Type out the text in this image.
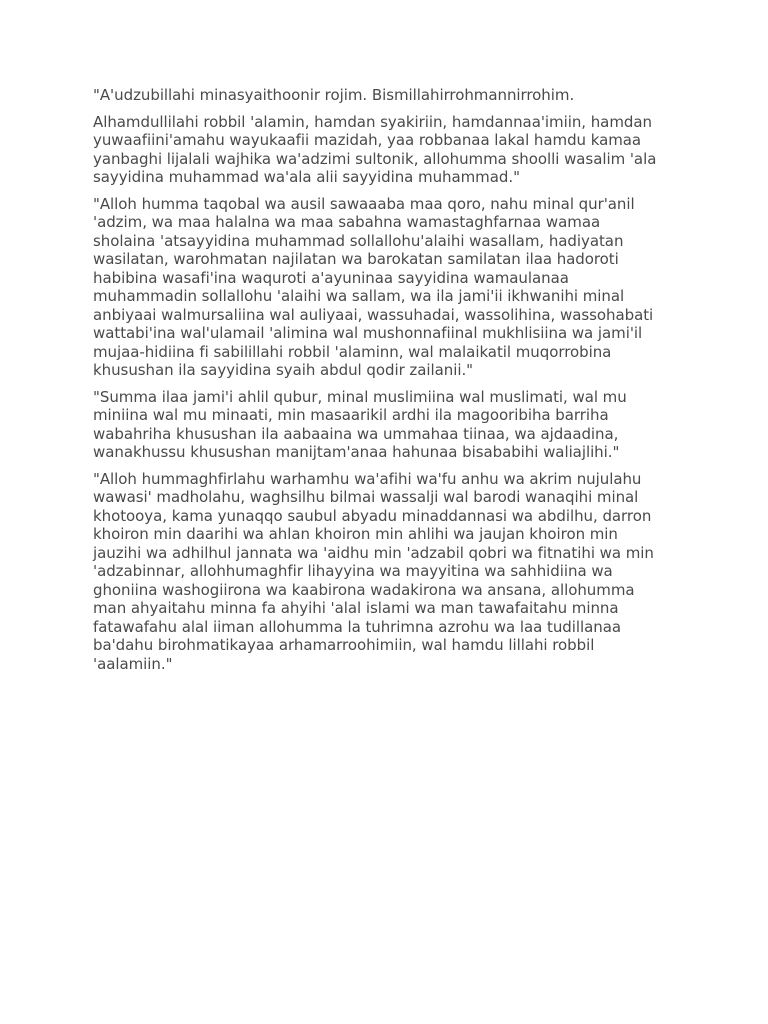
"A'udzubillahi minasyaithoonir rojim. Bismillahirrohmannirrohim.

Alhamdullilahi robbil 'alamin, hamdan syakiriin, hamdannaa'imiin, hamdan
yuwaafiini'amahu wayukaafii mazidah, yaa robbanaa lakal hamdu kamaa
yanbaghi lijalali wajhika wa'adzimi sultonik, allohumma shoolli wasalim 'ala
sayyidina muhammad wa'ala alii sayyidina muhammad."

"Alloh humma taqobal wa ausil sawaaaba maa qoro, nahu minal qur'anil
'adzim, wa maa halalna wa maa sabahna wamastaghfarnaa wamaa
sholaina 'atsayyidina muhammad sollallohu'alaihi wasallam, hadiyatan
wasilatan, warohmatan najilatan wa barokatan samilatan ilaa hadoroti
habibina wasafi'ina waquroti a'ayuninaa sayyidina wamaulanaa
muhammadin sollallohu 'alaihi wa sallam, wa ila jami'ii ikhwanihi minal
anbiyaai walmursaliina wal auliyaai, wassuhadai, wassolihina, wassohabati
wattabi'ina wal'ulamail 'alimina wal mushonnafiinal mukhlisiina wa jami'il
mujaa-hidiina fi sabilillahi robbil 'alaminn, wal malaikatil muqorrobina
khusushan ila sayyidina syaih abdul qodir zailanii."

"Summa ilaa jami'i ahlil qubur, minal muslimiina wal muslimati, wal mu
miniina wal mu minaati, min masaarikil ardhi ila magooribiha barriha
wabahriha khusushan ila aabaaina wa ummahaa tiinaa, wa ajdaadina,
wanakhussu khusushan manijtam'anaa hahunaa bisababihi waliajlihi."

"Alloh hummaghfirlahu warhamhu wa'afihi wa'fu anhu wa akrim nujulahu
wawasi' madholahu, waghsilhu bilmai wassalji wal barodi wanaqihi minal
khotooya, kama yunaqqo saubul abyadu minaddannasi wa abdilhu, darron
khoiron min daarihi wa ahlan khoiron min ahlihi wa jaujan khoiron min
jauzihi wa adhilhul jannata wa 'aidhu min 'adzabil qobri wa fitnatihi wa min
'adzabinnar, allohhumaghfir lihayyina wa mayyitina wa sahhidiina wa
ghoniina washogiirona wa kaabirona wadakirona wa ansana, allohumma
man ahyaitahu minna fa ahyihi 'alal islami wa man tawafaitahu minna
fatawafahu alal iiman allohumma la tuhrimna azrohu wa laa tudillanaa
ba'dahu birohmatikayaa arhamarroohimiin, wal hamdu lillahi robbil
'aalamiin."
